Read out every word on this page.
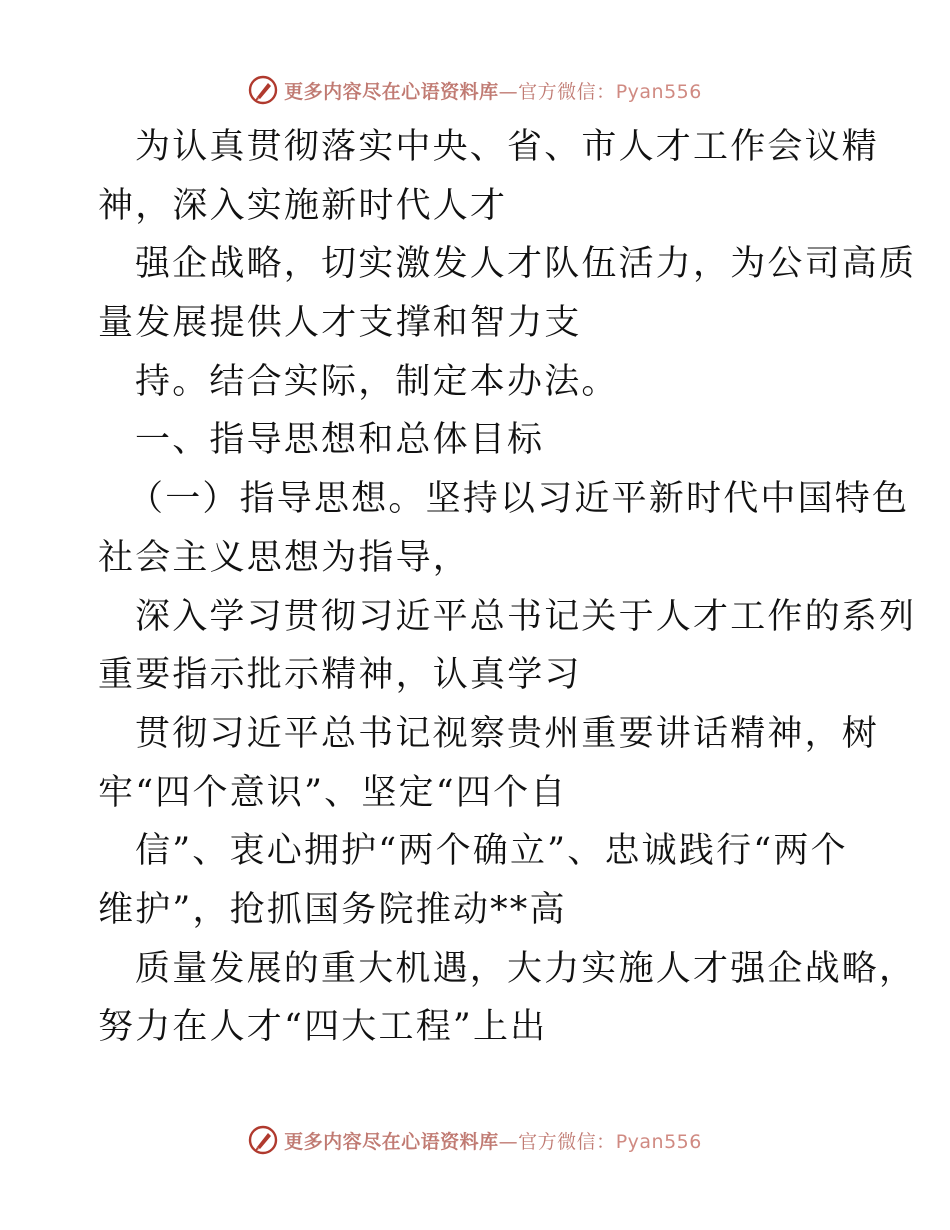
更多内容尽在心语资料库—官方微信：Pyan556
为认真贯彻落实中央、省、市人才工作会议精
神，深入实施新时代人才
强企战略，切实激发人才队伍活力，为公司高质
量发展提供人才支撑和智力支
持。结合实际，制定本办法。
一、指导思想和总体目标
（一）指导思想。坚持以习近平新时代中国特色
社会主义思想为指导，
深入学习贯彻习近平总书记关于人才工作的系列
重要指示批示精神，认真学习
贯彻习近平总书记视察贵州重要讲话精神，树
牢“四个意识”、坚定“四个自
信”、衷心拥护“两个确立”、忠诚践行“两个
维护”，抢抓国务院推动**高
质量发展的重大机遇，大力实施人才强企战略，
努力在人才“四大工程”上出
更多内容尽在心语资料库—官方微信：Pyan556
